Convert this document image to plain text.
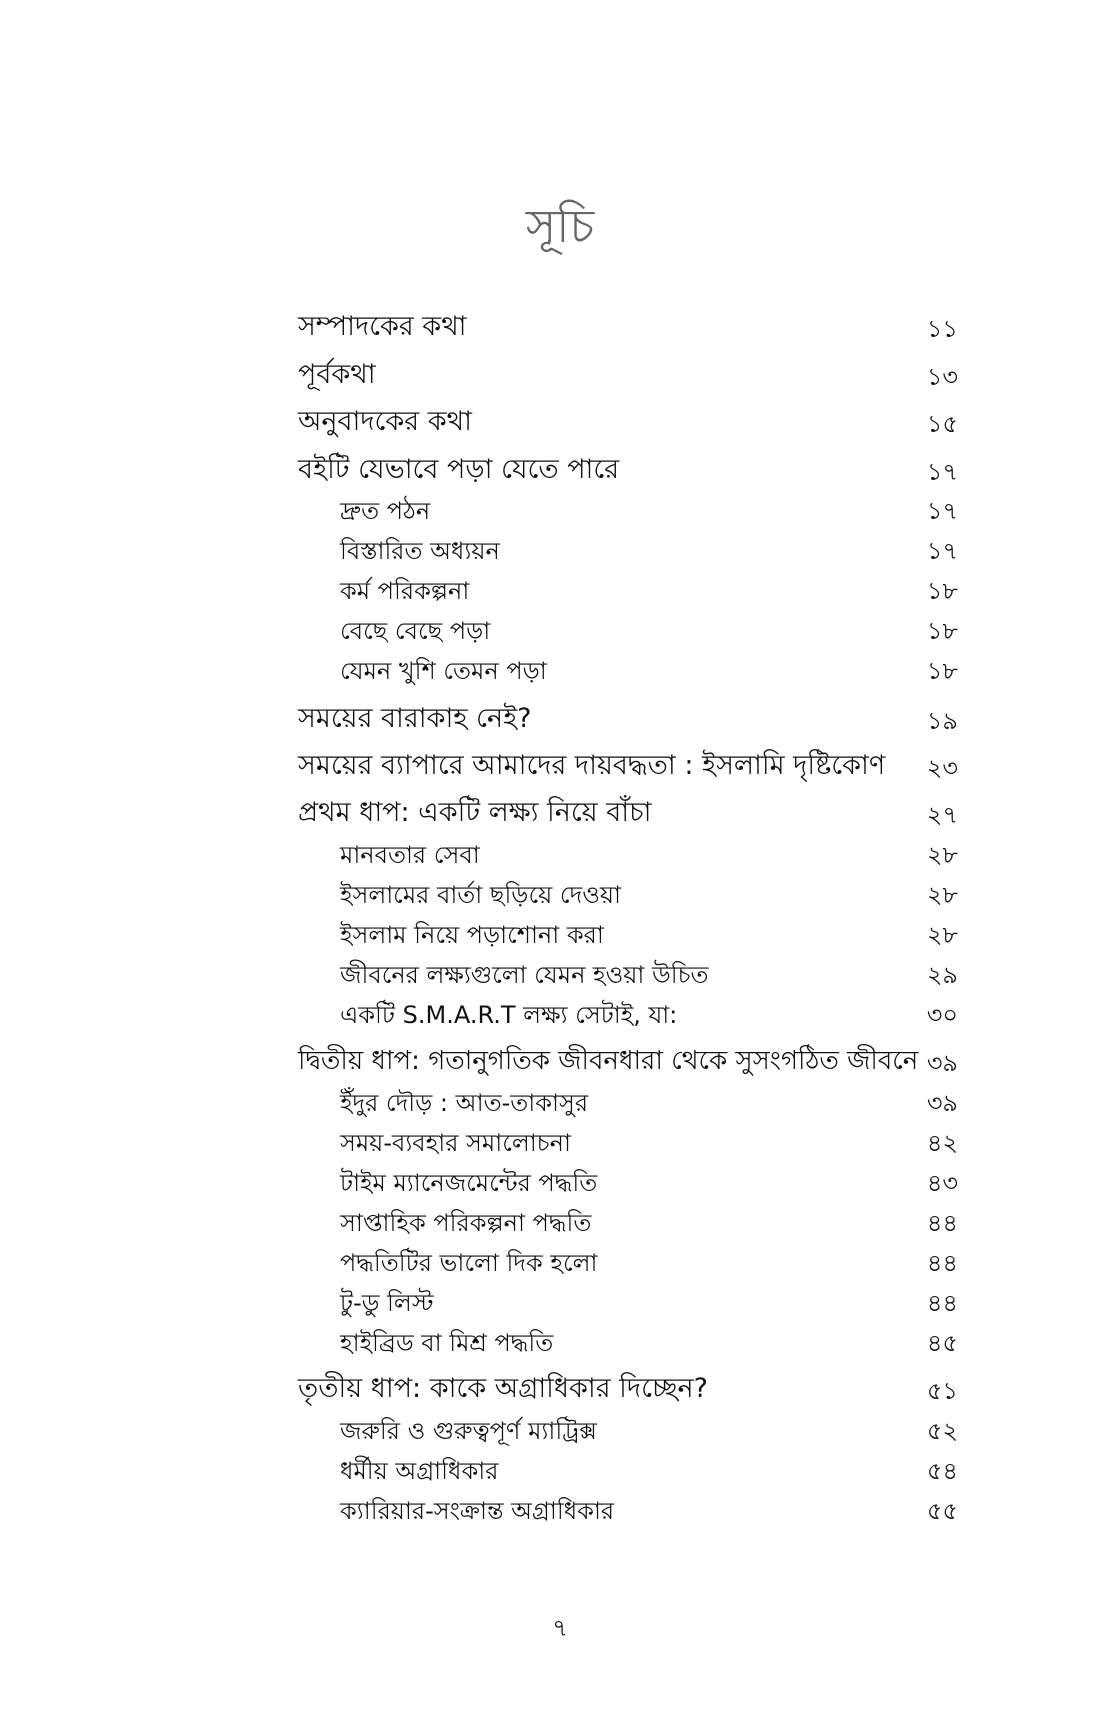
সূচি
সম্পাদকের কথা	১১
পূর্বকথা	১৩
অনুবাদকের কথা	১৫
বইটি যেভাবে পড়া যেতে পারে	১৭
দ্রুত পঠন	১৭
বিস্তারিত অধ্যয়ন	১৭
কর্ম পরিকল্পনা	১৮
বেছে বেছে পড়া	১৮
যেমন খুশি তেমন পড়া	১৮
সময়ের বারাকাহ নেই?	১৯
সময়ের ব্যাপারে আমাদের দায়বদ্ধতা : ইসলামি দৃষ্টিকোণ ২৩
প্রথম ধাপ: একটি লক্ষ্য নিয়ে বাঁচা	২৭
মানবতার সেবা	২৮
ইসলামের বার্তা ছড়িয়ে দেওয়া	২৮
ইসলাম নিয়ে পড়াশোনা করা	২৮
জীবনের লক্ষ্যগুলো যেমন হওয়া উচিত	২৯
একটি S.M.A.R.T লক্ষ্য সেটাই, যা:	৩০
দ্বিতীয় ধাপ: গতানুগতিক জীবনধারা থেকে সুসংগঠিত জীবনে ৩৯
ইঁদুর দৌড় : আত-তাকাসুর	৩৯
সময়-ব্যবহার সমালোচনা	৪২
টাইম ম্যানেজমেন্টের পদ্ধতি	৪৩
সাপ্তাহিক পরিকল্পনা পদ্ধতি	৪৪
পদ্ধতিটির ভালো দিক হলো	৪৪
টু-ডু লিস্ট	৪৪
হাইব্রিড বা মিশ্র পদ্ধতি	৪৫
তৃতীয় ধাপ: কাকে অগ্রাধিকার দিচ্ছেন?	৫১
জরুরি ও গুরুত্বপূর্ণ ম্যাট্রিক্স	৫২
ধর্মীয় অগ্রাধিকার	৫৪
ক্যারিয়ার-সংক্রান্ত অগ্রাধিকার	৫৫
৭
